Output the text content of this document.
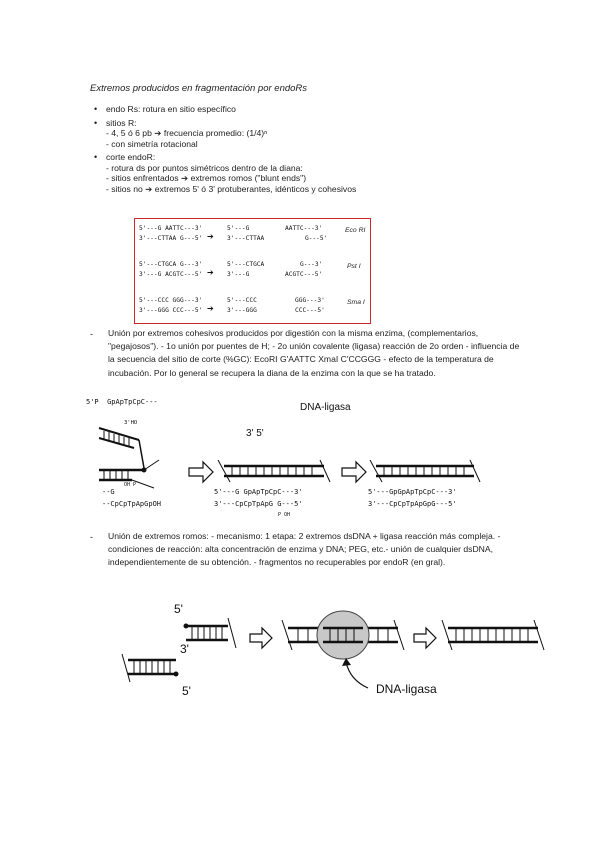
Extremos producidos en fragmentación por endoRs
• endo Rs: rotura en sitio específico
• sitios R:
- 4, 5 ó 6 pb ➔ frecuencia promedio: (1/4)ⁿ
- con simetría rotacional
• corte endoR:
- rotura ds por puntos simétricos dentro de la diana:
- sitios enfrentados ➔ extremos romos ("blunt ends")
- sitios no ➔ extremos 5' ó 3' protuberantes, idénticos y cohesivos
5'---G AATTC---3'
3'---CTTAA G---5' ➔
5'---G
3'---CTTAA
AATTC---3'
G---5'
Eco RI
5'---CTGCA G---3'
3'---G ACGTC---5' ➔
5'---CTGCA
3'---G
G---3'
ACGTC---5'
Pst I
5'---CCC GGG---3'
3'---GGG CCC---5' ➔
5'---CCC
3'---GGG
GGG---3'
CCC---5'
Sma I
- Unión por extremos cohesivos producidos por digestión con la misma enzima, (complementarios, "pegajosos"). - 1o unión por puentes de H; - 2o unión covalente (ligasa) reacción de 2o orden - influencia de la secuencia del sitio de corte (%GC): EcoRI G'AATTC XmaI C'CCGGG - efecto de la temperatura de incubación. Por lo general se recupera la diana de la enzima con la que se ha tratado.
5'P  GpApTpCpC---
3'HO
DNA-ligasa
3' 5'
--G
--CpCpTpApGpOH
5'---G GpApTpCpC---3'
3'---CpCpTpApG G---5'
5'---GpGpApTpCpC---3'
3'---CpCpTpApGpG---5'
OH P
P OH
- Unión de extremos romos: - mecanismo: 1 etapa: 2 extremos dsDNA + ligasa reacción más compleja. - condiciones de reacción: alta concentración de enzima y DNA; PEG, etc.- unión de cualquier dsDNA, independientemente de su obtención. - fragmentos no recuperables por endoR (en gral).
5'
3'
5'	DNA-ligasa
